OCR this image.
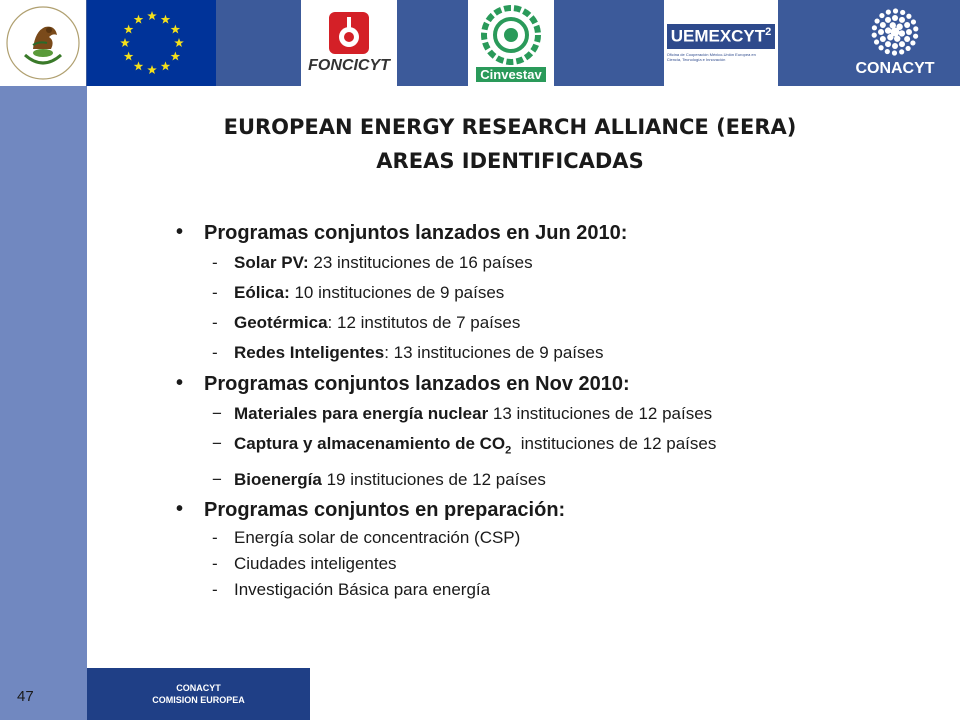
FONCICYT
Cinvestav
UEMEXCYT$^2$
Oficina de Cooperación México-Unión Europea en Ciencia, Tecnología e Innovación
CONACYT
47	CONACYT
COMISION EUROPEA
EUROPEAN ENERGY RESEARCH ALLIANCE (EERA)
AREAS IDENTIFICADAS
• Programas conjuntos lanzados en Jun 2010:
- Solar PV: 23 instituciones de 16 países
- Eólica: 10 instituciones de 9 países
- Geotérmica: 12 institutos de 7 países
- Redes Inteligentes: 13 instituciones de 9 países
• Programas conjuntos lanzados en Nov 2010:
− Materiales para energía nuclear 13 instituciones de 12 países
− Captura y almacenamiento de $CO_2$  instituciones de 12 países
− Bioenergía 19 instituciones de 12 países
• Programas conjuntos en preparación:
- Energía solar de concentración (CSP)
- Ciudades inteligentes
- Investigación Básica para energía
